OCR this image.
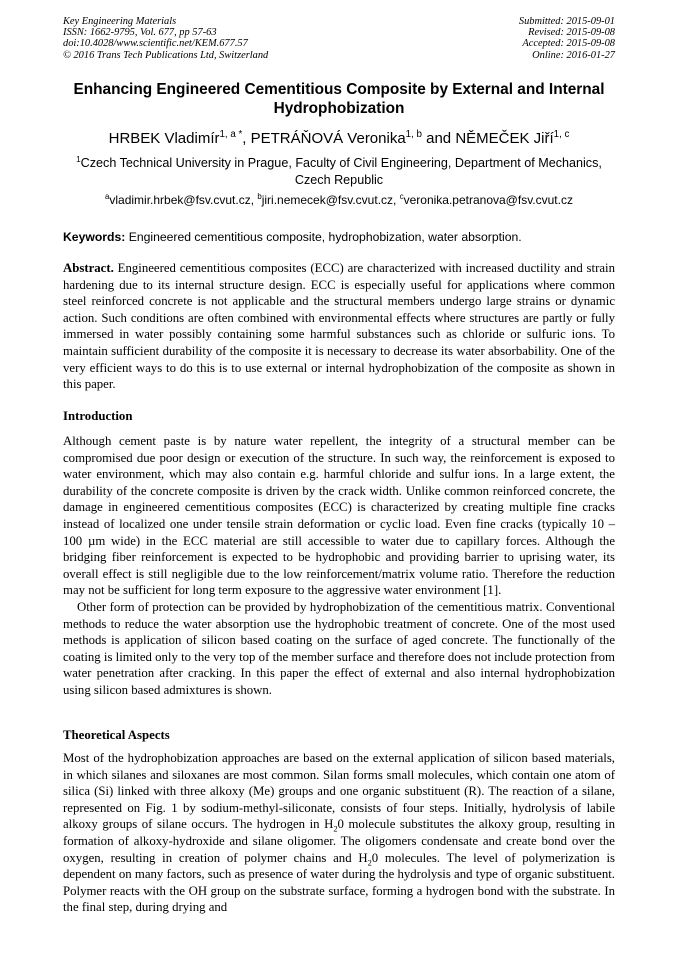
Key Engineering Materials
ISSN: 1662-9795, Vol. 677, pp 57-63
doi:10.4028/www.scientific.net/KEM.677.57
© 2016 Trans Tech Publications Ltd, Switzerland
Submitted: 2015-09-01
Revised: 2015-09-08
Accepted: 2015-09-08
Online: 2016-01-27
Enhancing Engineered Cementitious Composite by External and Internal Hydrophobization
HRBEK Vladimír$^{1, a *}$, PETRÁŇOVÁ Veronika$^{1, b}$ and NĚMEČEK Jiří$^{1, c}$
$^1$Czech Technical University in Prague, Faculty of Civil Engineering, Department of Mechanics, Czech Republic
$^a$vladimir.hrbek@fsv.cvut.cz, $^b$jiri.nemecek@fsv.cvut.cz, $^c$veronika.petranova@fsv.cvut.cz
Keywords: Engineered cementitious composite, hydrophobization, water absorption.

Abstract. Engineered cementitious composites (ECC) are characterized with increased ductility and strain hardening due to its internal structure design. ECC is especially useful for applications where common steel reinforced concrete is not applicable and the structural members undergo large strains or dynamic action. Such conditions are often combined with environmental effects where structures are partly or fully immersed in water possibly containing some harmful substances such as chloride or sulfuric ions. To maintain sufficient durability of the composite it is necessary to decrease its water absorbability. One of the very efficient ways to do this is to use external or internal hydrophobization of the composite as shown in this paper.

Introduction

Although cement paste is by nature water repellent, the integrity of a structural member can be compromised due poor design or execution of the structure. In such way, the reinforcement is exposed to water environment, which may also contain e.g. harmful chloride and sulfur ions. In a large extent, the durability of the concrete composite is driven by the crack width. Unlike common reinforced concrete, the damage in engineered cementitious composites (ECC) is characterized by creating multiple fine cracks instead of localized one under tensile strain deformation or cyclic load. Even fine cracks (typically 10 – 100 µm wide) in the ECC material are still accessible to water due to capillary forces. Although the bridging fiber reinforcement is expected to be hydrophobic and providing barrier to uprising water, its overall effect is still negligible due to the low reinforcement/matrix volume ratio. Therefore the reduction may not be sufficient for long term exposure to the aggressive water environment [1].

Other form of protection can be provided by hydrophobization of the cementitious matrix. Conventional methods to reduce the water absorption use the hydrophobic treatment of concrete. One of the most used methods is application of silicon based coating on the surface of aged concrete. The functionally of the coating is limited only to the very top of the member surface and therefore does not include protection from water penetration after cracking. In this paper the effect of external and also internal hydrophobization using silicon based admixtures is shown.

Theoretical Aspects

Most of the hydrophobization approaches are based on the external application of silicon based materials, in which silanes and siloxanes are most common. Silan forms small molecules, which contain one atom of silica (Si) linked with three alkoxy (Me) groups and one organic substituent (R). The reaction of a silane, represented on Fig. 1 by sodium-methyl-siliconate, consists of four steps. Initially, hydrolysis of labile alkoxy groups of silane occurs. The hydrogen in $H_20$ molecule substitutes the alkoxy group, resulting in formation of alkoxy-hydroxide and silane oligomer. The oligomers condensate and create bond over the oxygen, resulting in creation of polymer chains and $H_20$ molecules. The level of polymerization is dependent on many factors, such as presence of water during the hydrolysis and type of organic substituent. Polymer reacts with the OH group on the substrate surface, forming a hydrogen bond with the substrate. In the final step, during drying and
